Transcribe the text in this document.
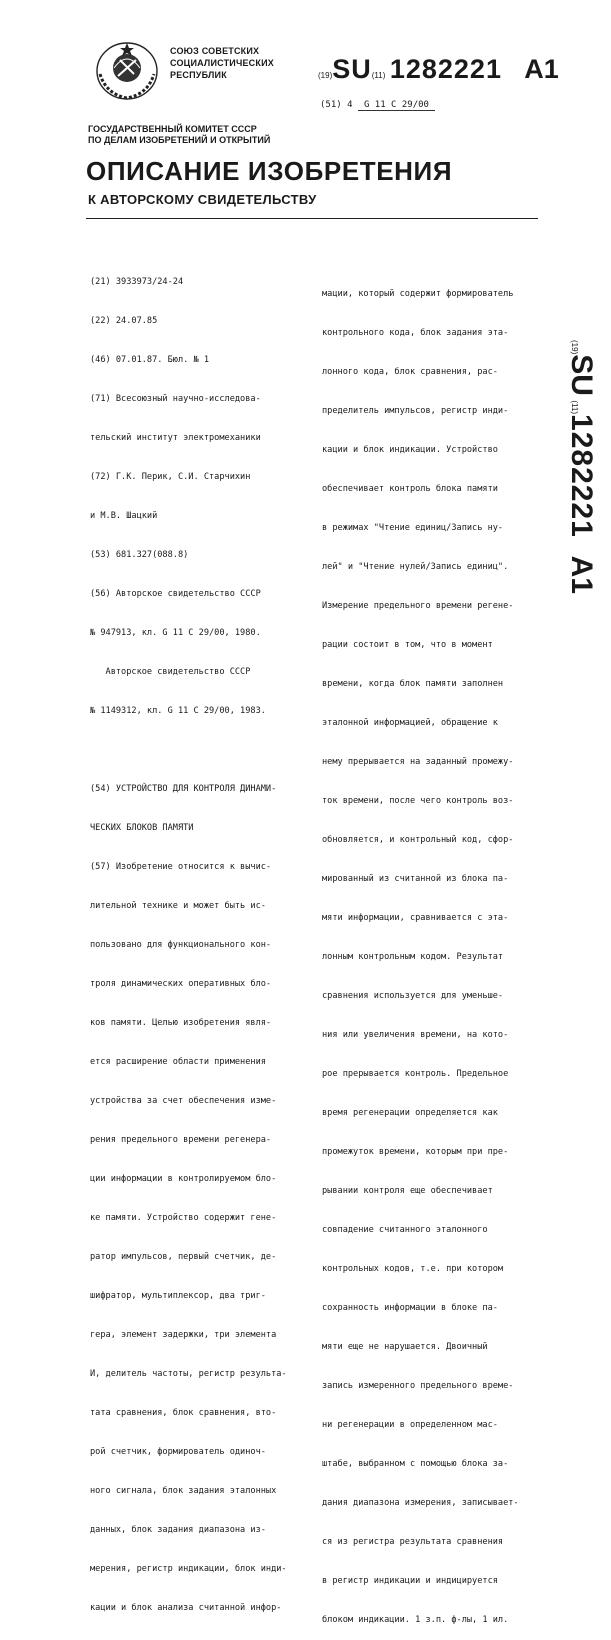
СОЮЗ СОВЕТСКИХ
СОЦИАЛИСТИЧЕСКИХ
РЕСПУБЛИК	(19)SU(11) 1282221 A1
(51) 4 G 11 C 29/00
ГОСУДАРСТВЕННЫЙ КОМИТЕТ СССР
ПО ДЕЛАМ ИЗОБРЕТЕНИЙ И ОТКРЫТИЙ
ОПИСАНИЕ ИЗОБРЕТЕНИЯ
К АВТОРСКОМУ СВИДЕТЕЛЬСТВУ

(21) 3933973/24-24

(22) 24.07.85

(46) 07.01.87. Бюл. № 1

(71) Всесоюзный научно-исследова-

тельский институт электромеханики

(72) Г.К. Перик, С.И. Старчихин

и М.В. Шацкий

(53) 681.327(088.8)

(56) Авторское свидетельство СССР

№ 947913, кл. G 11 C 29/00, 1980.

Авторское свидетельство СССР

№ 1149312, кл. G 11 C 29/00, 1983.

(54) УСТРОЙСТВО ДЛЯ КОНТРОЛЯ ДИНАМИ-

ЧЕСКИХ БЛОКОВ ПАМЯТИ

(57) Изобретение относится к вычис-

лительной технике и может быть ис-

пользовано для функционального кон-

троля динамических оперативных бло-

ков памяти. Целью изобретения явля-

ется расширение области применения

устройства за счет обеспечения изме-

рения предельного времени регенера-

ции информации в контролируемом бло-

ке памяти. Устройство содержит гене-

ратор импульсов, первый счетчик, де-

шифратор, мультиплексор, два триг-

гера, элемент задержки, три элемента

И, делитель частоты, регистр результа-

тата сравнения, блок сравнения, вто-

рой счетчик, формирователь одиноч-

ного сигнала, блок задания эталонных

данных, блок задания диапазона из-

мерения, регистр индикации, блок инди-

кации и блок анализа считанной инфор-

мации, который содержит формирователь

контрольного кода, блок задания эта-

лонного кода, блок сравнения, рас-

пределитель импульсов, регистр инди-

кации и блок индикации. Устройство

обеспечивает контроль блока памяти

в режимах "Чтение единиц/Запись ну-

лей" и "Чтение нулей/Запись единиц".

Измерение предельного времени регене-

рации состоит в том, что в момент

времени, когда блок памяти заполнен

эталонной информацией, обращение к

нему прерывается на заданный промежу-

ток времени, после чего контроль воз-

обновляется, и контрольный код, сфор-

мированный из считанной из блока па-

мяти информации, сравнивается с эта-

лонным контрольным кодом. Результат

сравнения используется для уменьше-

ния или увеличения времени, на кото-

рое прерывается контроль. Предельное

время регенерации определяется как

промежуток времени, которым при пре-

рывании контроля еще обеспечивает

совпадение считанного эталонного

контрольных кодов, т.е. при котором

сохранность информации в блоке па-

мяти еще не нарушается. Двоичный

запись измеренного предельного време-

ни регенерации в определенном мас-

штабе, выбранном с помощью блока за-

дания диапазона измерения, записывает-

ся из регистра результата сравнения

в регистр индикации и индицируется

блоком индикации. 1 з.п. ф-лы, 1 ил.

(19)SU (11)1282221    A1
